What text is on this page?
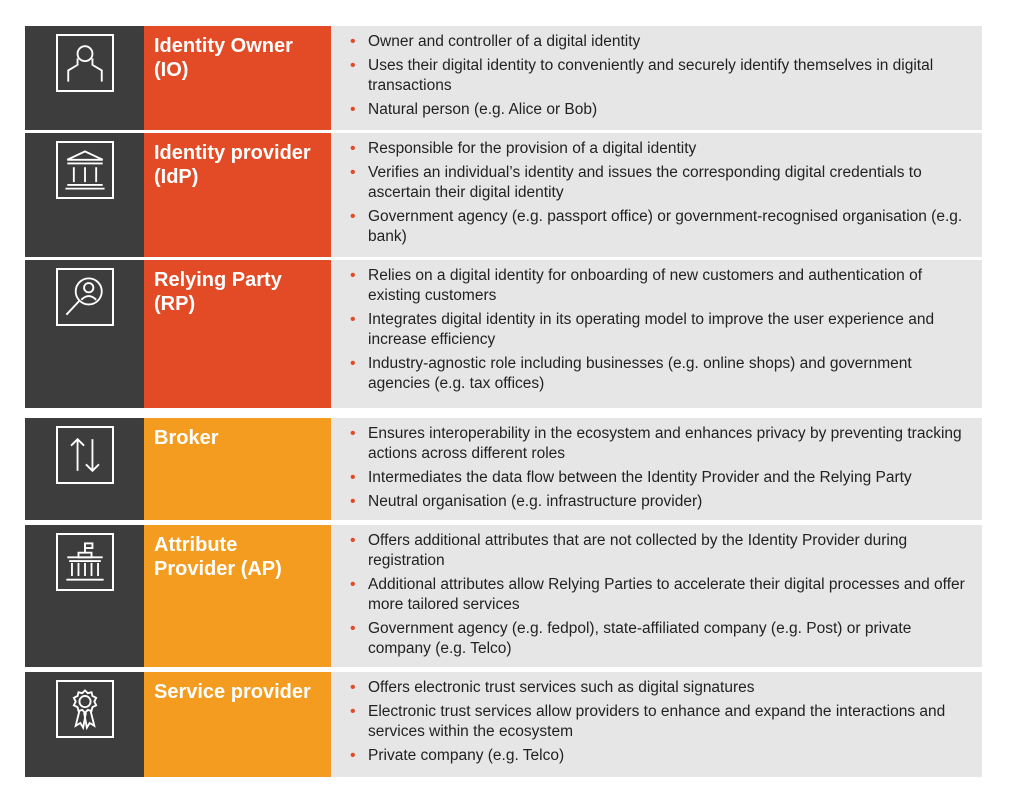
Identity Owner (IO)
• Owner and controller of a digital identity
• Uses their digital identity to conveniently and securely identify themselves in digital transactions
• Natural person (e.g. Alice or Bob)
Identity provider (IdP)
• Responsible for the provision of a digital identity
• Verifies an individual’s identity and issues the corresponding digital credentials to ascertain their digital identity
• Government agency (e.g. passport office) or government-recognised organisation (e.g. bank)
Relying Party (RP)
• Relies on a digital identity for onboarding of new customers and authentication of existing customers
• Integrates digital identity in its operating model to improve the user experience and increase efficiency
• Industry-agnostic role including businesses (e.g. online shops) and government agencies (e.g. tax offices)
Broker	• Ensures interoperability in the ecosystem and enhances privacy by preventing tracking actions across different roles
• Intermediates the data flow between the Identity Provider and the Relying Party
• Neutral organisation (e.g. infrastructure provider)
Attribute Provider (AP)
• Offers additional attributes that are not collected by the Identity Provider during registration
• Additional attributes allow Relying Parties to accelerate their digital processes and offer more tailored services
• Government agency (e.g. fedpol), state-affiliated company (e.g. Post) or private company (e.g. Telco)
Service provider	• Offers electronic trust services such as digital signatures
• Electronic trust services allow providers to enhance and expand the interactions and services within the ecosystem
• Private company (e.g. Telco)
